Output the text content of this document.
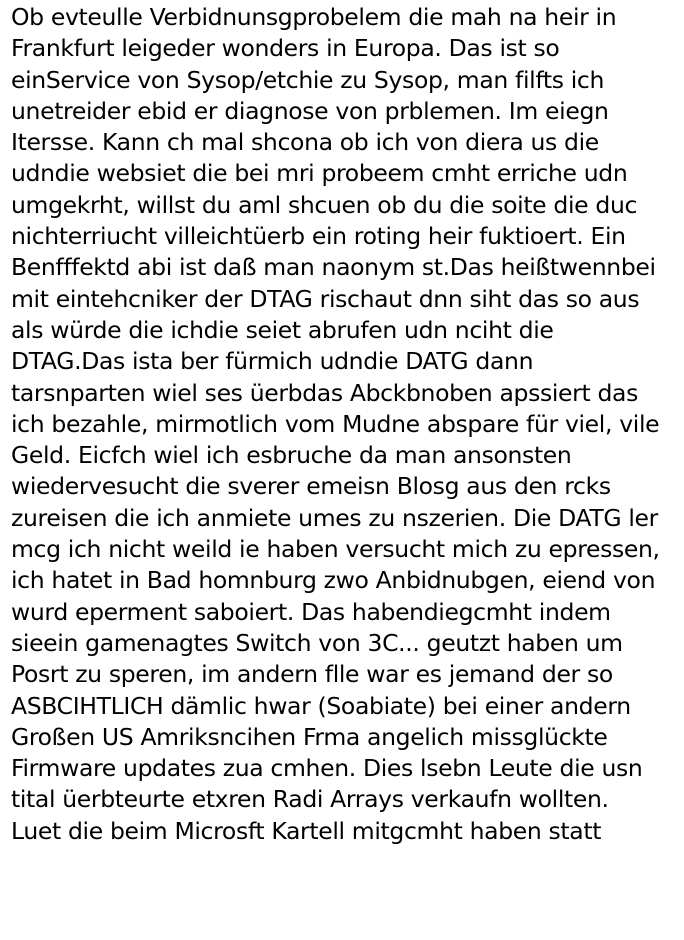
Ob evteulle Verbidnunsgprobelem die mah na heir in
Frankfurt leigeder wonders in Europa. Das ist so
einService von Sysop/etchie zu Sysop, man filfts ich
unetreider ebid er diagnose von prblemen. Im eiegn
Itersse. Kann ch mal shcona ob ich von diera us die
udndie websiet die bei mri probeem cmht erriche udn
umgekrht, willst du aml shcuen ob du die soite die duc
nichterriucht villeichtüerb ein roting heir fuktioert. Ein
Benfffektd abi ist daß man naonym st.Das heißtwennbei
mit eintehcniker der DTAG rischaut dnn siht das so aus
als würde die ichdie seiet abrufen udn nciht die
DTAG.Das ista ber fürmich udndie DATG dann
tarsnparten wiel ses üerbdas Abckbnoben apssiert das
ich bezahle, mirmotlich vom Mudne abspare für viel, vile
Geld. Eicfch wiel ich esbruche da man ansonsten
wiedervesucht die sverer emeisn Blosg aus den rcks
zureisen die ich anmiete umes zu nszerien. Die DATG ler
mcg ich nicht weild ie haben versucht mich zu epressen,
ich hatet in Bad homnburg zwo Anbidnubgen, eiend von
wurd eperment saboiert. Das habendiegcmht indem
sieein gamenagtes Switch von 3C... geutzt haben um
Posrt zu speren, im andern flle war es jemand der so
ASBCIHTLICH dämlic hwar (Soabiate) bei einer andern
Großen US Amriksncihen Frma angelich missglückte
Firmware updates zua cmhen. Dies lsebn Leute die usn
tital üerbteurte etxren Radi Arrays verkaufn wollten.
Luet die beim Microsft Kartell mitgcmht haben statt
